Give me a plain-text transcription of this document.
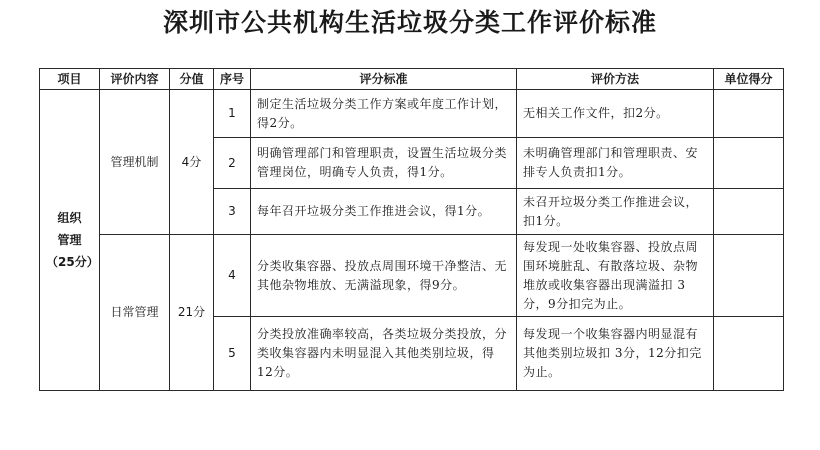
深圳市公共机构生活垃圾分类工作评价标准
项目	评价内容	分值	序号	评分标准	评价方法	单位得分

组织
管理
（25分）	管理机制	4分	1	制定生活垃圾分类工作方案或年度工作计划，得2分。	无相关工作文件，扣2分。	
			2	明确管理部门和管理职责，设置生活垃圾分类管理岗位，明确专人负责，得1分。	未明确管理部门和管理职责、安排专人负责扣1分。	
			3	每年召开垃圾分类工作推进会议，得1分。	未召开垃圾分类工作推进会议，扣1分。	
	日常管理	21分	4	分类收集容器、投放点周围环境干净整洁、无其他杂物堆放、无满溢现象，得9分。	每发现一处收集容器、投放点周围环境脏乱、有散落垃圾、杂物堆放或收集容器出现满溢扣 3分，9分扣完为止。	
			5	分类投放准确率较高，各类垃圾分类投放，分类收集容器内未明显混入其他类别垃圾，得12分。	每发现一个收集容器内明显混有其他类别垃圾扣 3分，12分扣完为止。	
